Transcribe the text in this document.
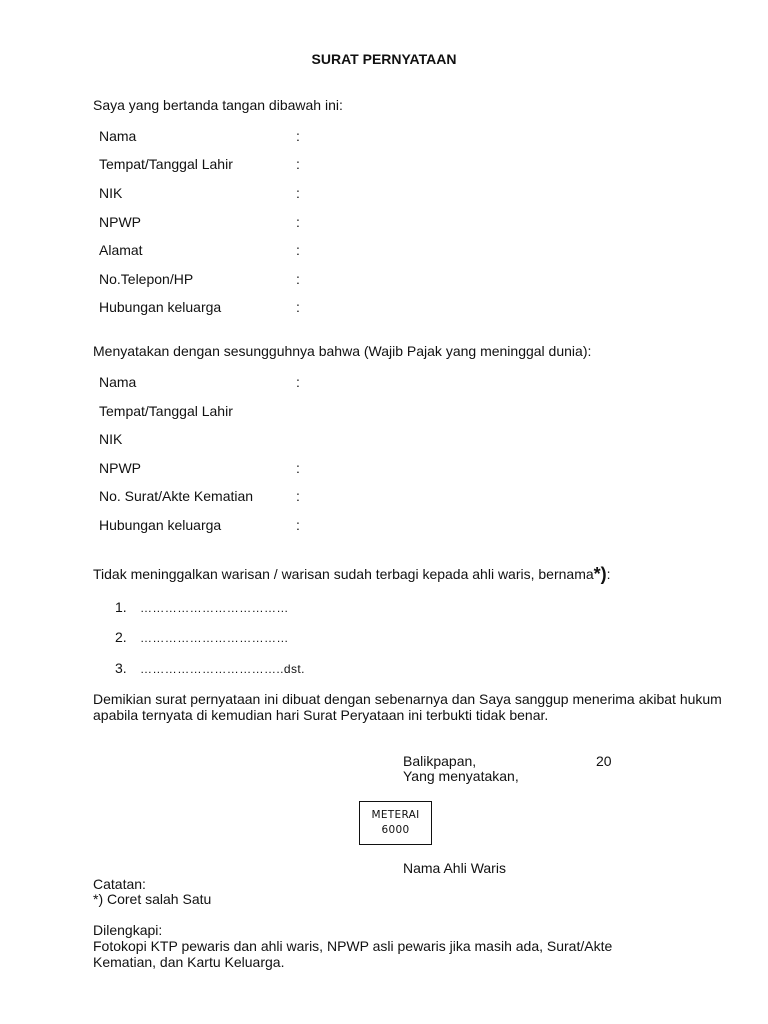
SURAT PERNYATAAN
Saya yang bertanda tangan dibawah ini:
Nama	:
Tempat/Tanggal Lahir	:
NIK	:
NPWP	:
Alamat	:
No.Telepon/HP	:
Hubungan keluarga	:
Menyatakan dengan sesungguhnya bahwa (Wajib Pajak yang meninggal dunia):
Nama	:
Tempat/Tanggal Lahir
NIK
NPWP	:
No. Surat/Akte Kematian	:
Hubungan keluarga	:
Tidak meninggalkan warisan / warisan sudah terbagi kepada ahli waris, bernama*):
1. ………………………………
2. ………………………………
3. ……………………………..dst.
Demikian surat pernyataan ini dibuat dengan sebenarnya dan Saya sanggup menerima akibat hukum apabila ternyata di kemudian hari Surat Peryataan ini terbukti tidak benar.
Balikpapan,	20
Yang menyatakan,
METERAI
6000
Nama Ahli Waris
Catatan:
*) Coret salah Satu
Dilengkapi:
Fotokopi KTP pewaris dan ahli waris, NPWP asli pewaris jika masih ada, Surat/Akte Kematian, dan Kartu Keluarga.
